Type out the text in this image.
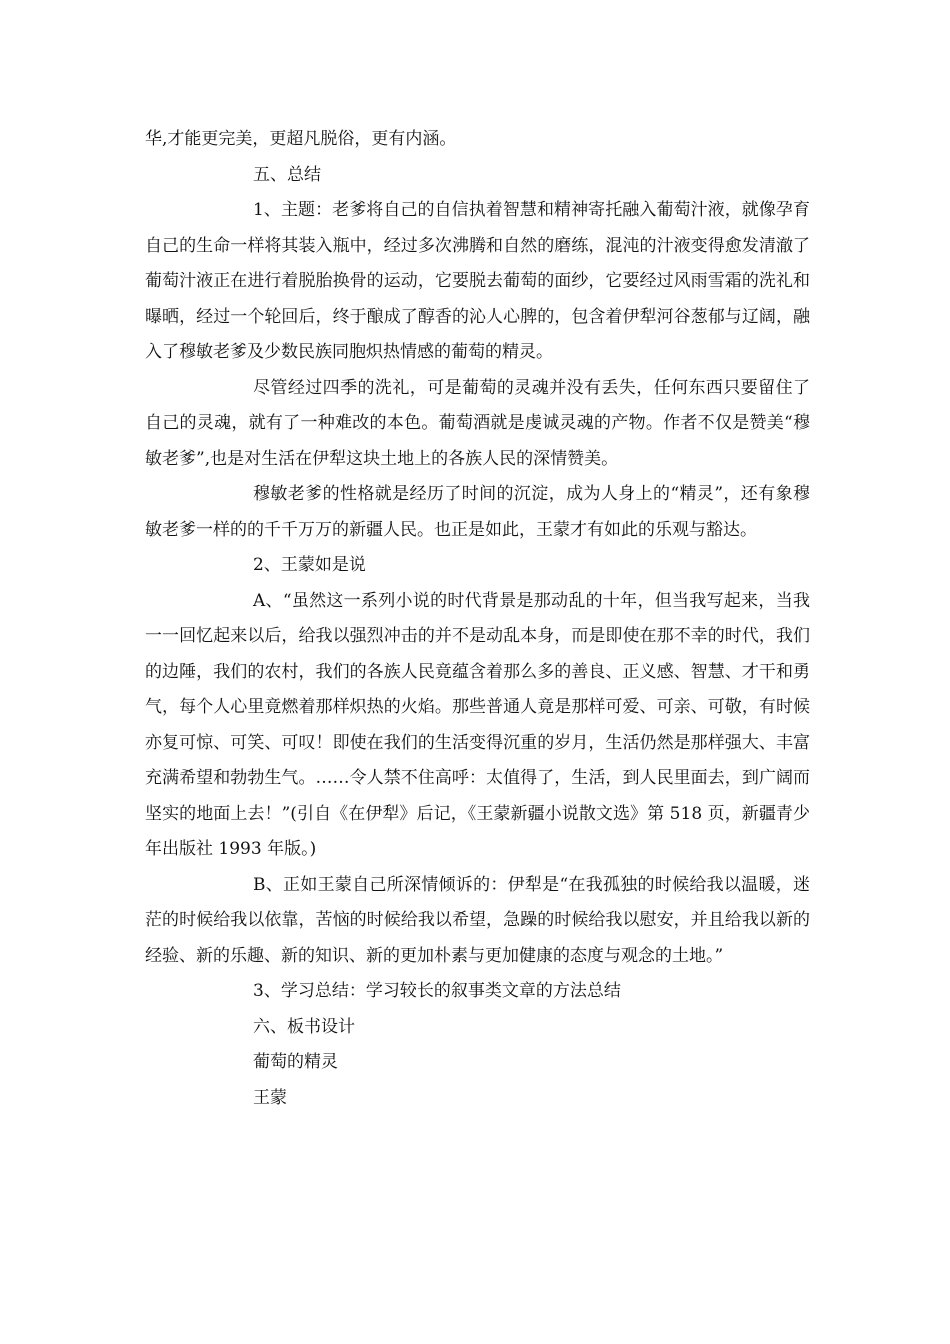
华,才能更完美，更超凡脱俗，更有内涵。

五、总结

1、主题：老爹将自己的自信执着智慧和精神寄托融入葡萄汁液，就像孕育自己的生命一样将其装入瓶中，经过多次沸腾和自然的磨练，混沌的汁液变得愈发清澈了葡萄汁液正在进行着脱胎换骨的运动，它要脱去葡萄的面纱，它要经过风雨雪霜的洗礼和曝晒，经过一个轮回后，终于酿成了醇香的沁人心脾的，包含着伊犁河谷葱郁与辽阔，融入了穆敏老爹及少数民族同胞炽热情感的葡萄的精灵。

尽管经过四季的洗礼，可是葡萄的灵魂并没有丢失，任何东西只要留住了自己的灵魂，就有了一种难改的本色。葡萄酒就是虔诚灵魂的产物。作者不仅是赞美“穆敏老爹”,也是对生活在伊犁这块土地上的各族人民的深情赞美。

穆敏老爹的性格就是经历了时间的沉淀，成为人身上的“精灵”，还有象穆敏老爹一样的的千千万万的新疆人民。也正是如此，王蒙才有如此的乐观与豁达。

2、王蒙如是说

A、“虽然这一系列小说的时代背景是那动乱的十年，但当我写起来，当我一一回忆起来以后，给我以强烈冲击的并不是动乱本身，而是即使在那不幸的时代，我们的边陲，我们的农村，我们的各族人民竟蕴含着那么多的善良、正义感、智慧、才干和勇气，每个人心里竟燃着那样炽热的火焰。那些普通人竟是那样可爱、可亲、可敬，有时候亦复可惊、可笑、可叹！即使在我们的生活变得沉重的岁月，生活仍然是那样强大、丰富充满希望和勃勃生气。……令人禁不住高呼：太值得了，生活，到人民里面去，到广阔而坚实的地面上去！”(引自《在伊犁》后记，《王蒙新疆小说散文选》第 518 页，新疆青少年出版社 1993 年版。)

B、正如王蒙自己所深情倾诉的：伊犁是“在我孤独的时候给我以温暖，迷茫的时候给我以依靠，苦恼的时候给我以希望，急躁的时候给我以慰安，并且给我以新的经验、新的乐趣、新的知识、新的更加朴素与更加健康的态度与观念的土地。”

3、学习总结：学习较长的叙事类文章的方法总结

六、板书设计

葡萄的精灵

王蒙
